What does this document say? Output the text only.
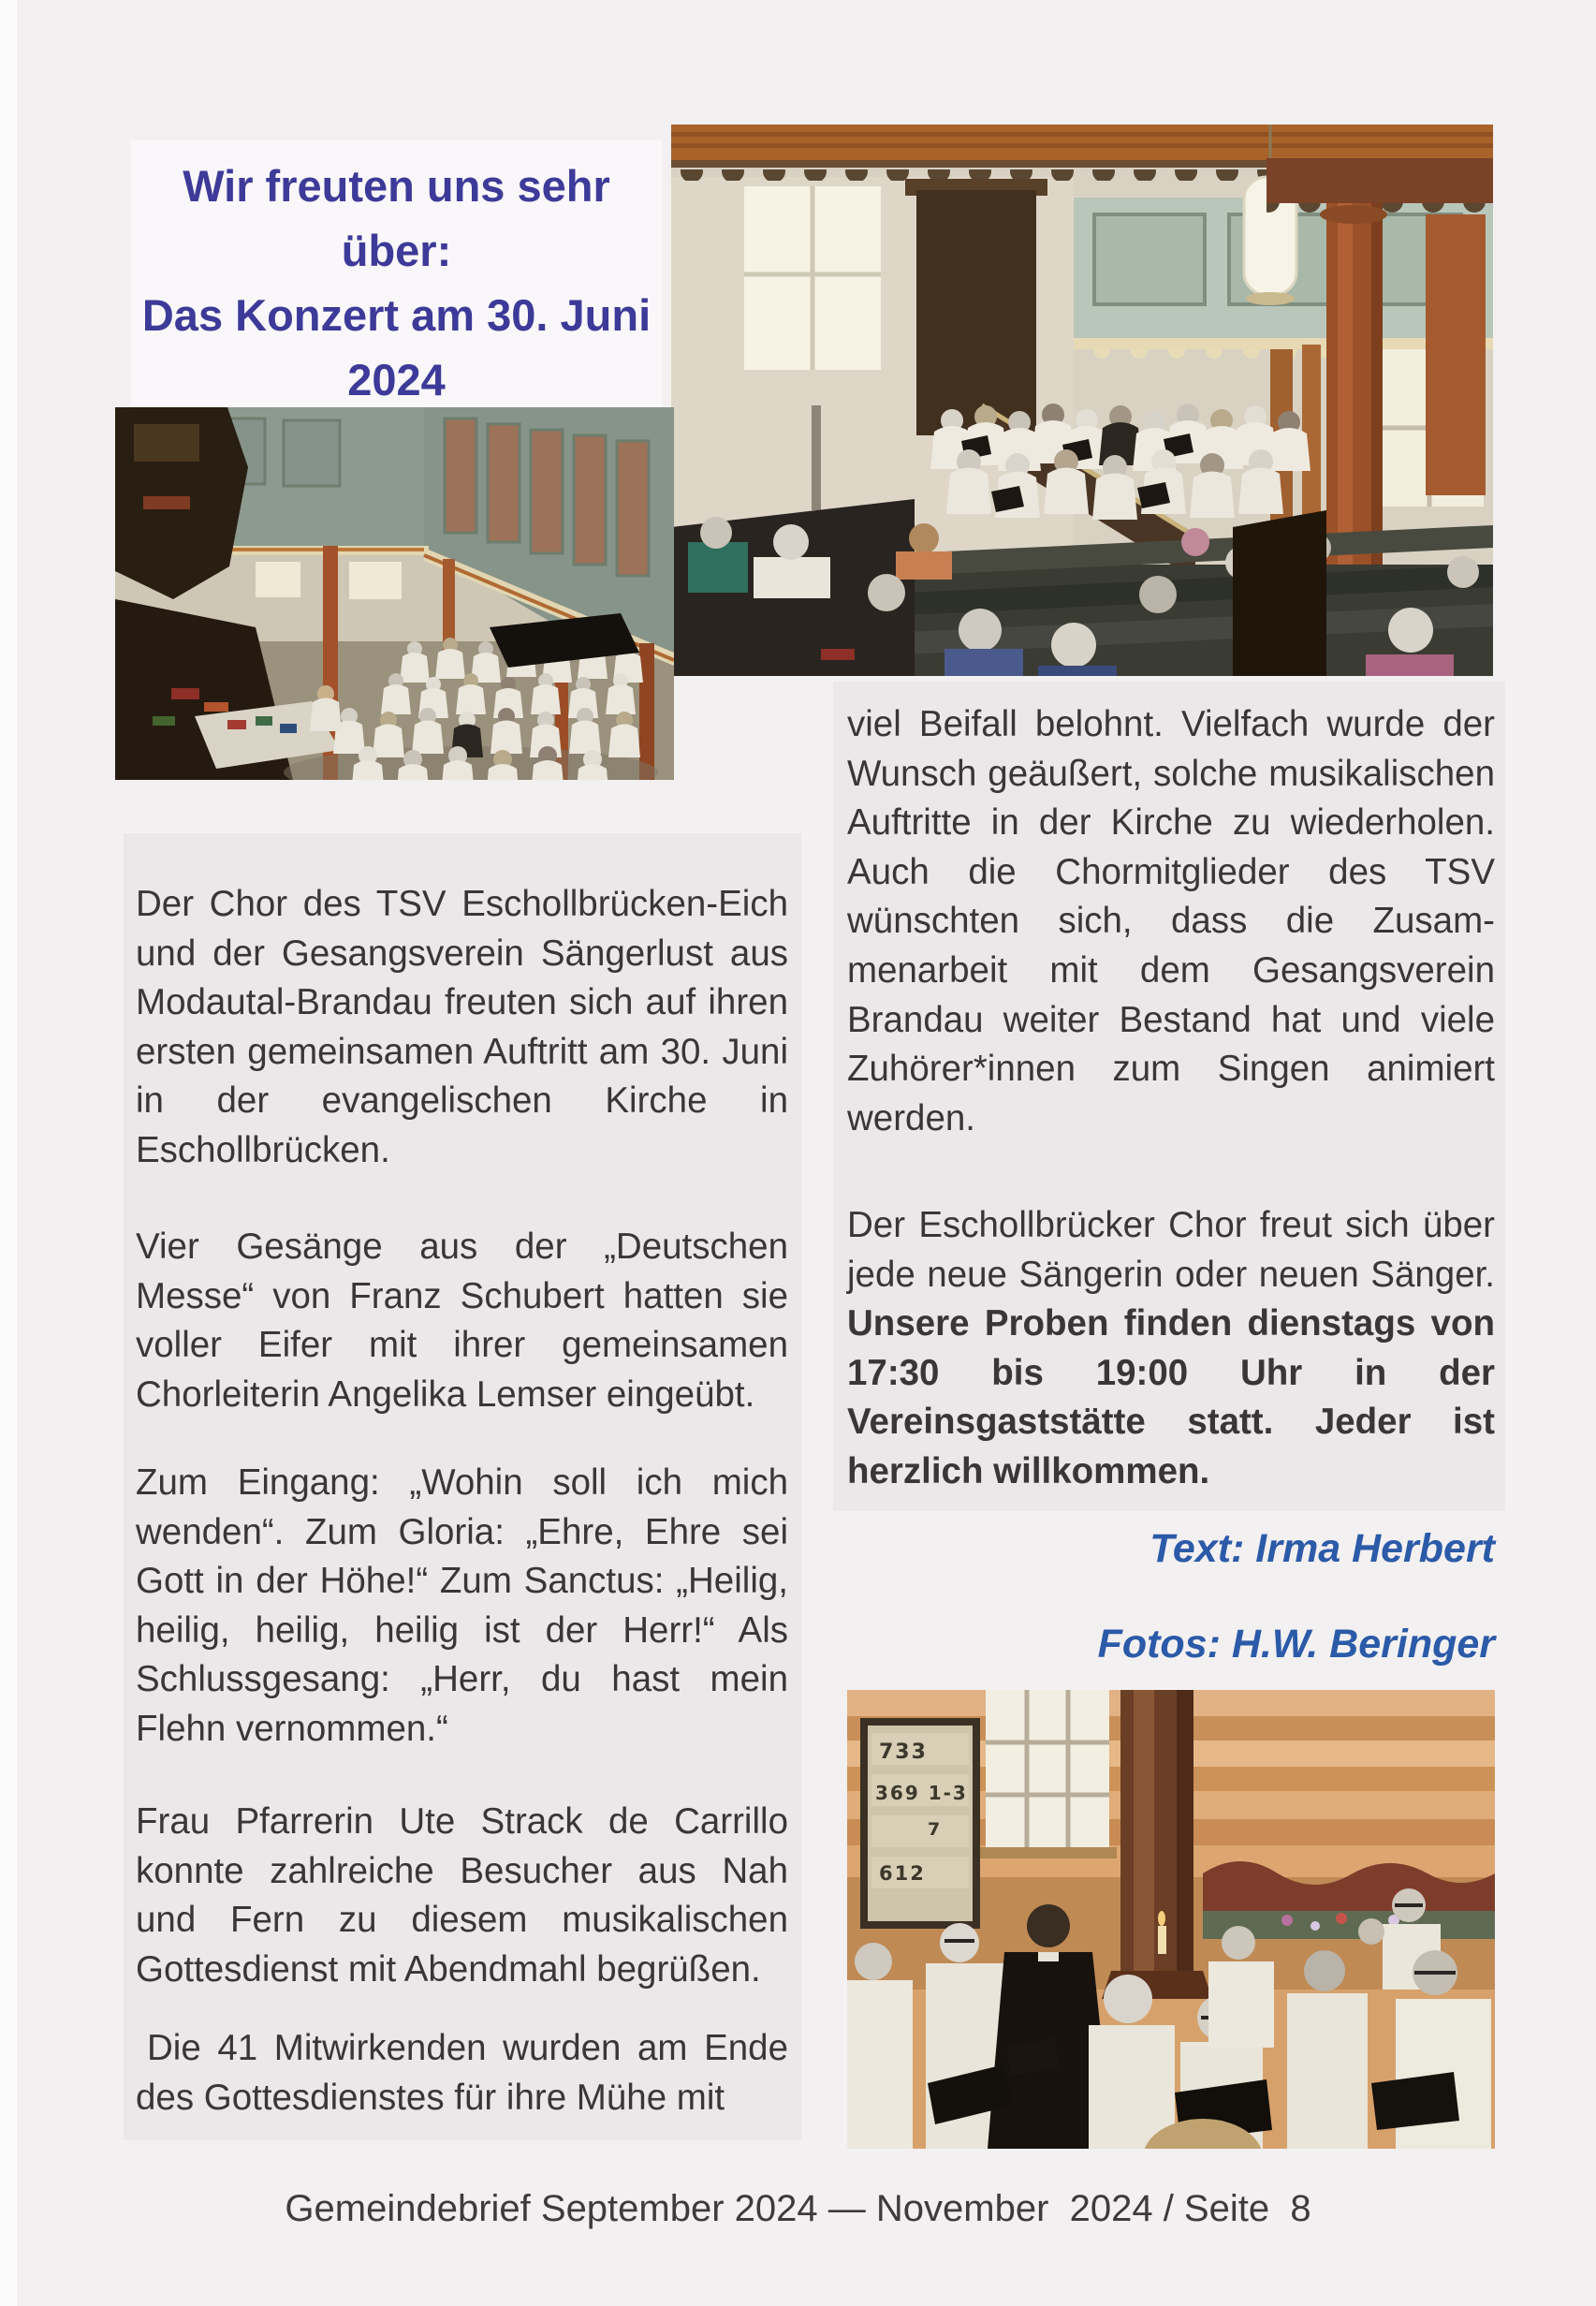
Wir freuten uns sehr über:
Das Konzert am 30. Juni
2024

Der Chor des TSV Eschollbrücken-Eich und der Gesangsverein Sängerlust aus Modautal-Brandau freuten sich auf ihren ersten gemeinsamen Auftritt am 30. Juni in der evangelischen Kirche in Eschollbrücken.

Vier Gesänge aus der „Deutschen Messe“ von Franz Schubert hatten sie voller Eifer mit ihrer gemeinsamen Chorleiterin Angelika Lemser eingeübt.

Zum Eingang: „Wohin soll ich mich wenden“. Zum Gloria: „Ehre, Ehre sei Gott in der Höhe!“ Zum Sanctus: „Heilig, heilig, heilig, heilig ist der Herr!“ Als Schlussgesang: „Herr, du hast mein Flehn vernommen.“

Frau Pfarrerin Ute Strack de Carrillo konnte zahlreiche Besucher aus Nah und Fern zu diesem musikalischen Gottesdienst mit Abendmahl begrüßen.

Die 41 Mitwirkenden wurden am Ende des Gottesdienstes für ihre Mühe mit

viel Beifall belohnt. Vielfach wurde der Wunsch geäußert, solche musikalischen Auftritte in der Kirche zu wiederholen. Auch die Chormitglieder des TSV wünschten sich, dass die Zusammenarbeit mit dem Gesangsverein Brandau weiter Bestand hat und viele Zuhörer*innen zum Singen animiert werden.

Der Eschollbrücker Chor freut sich über jede neue Sängerin oder neuen Sänger. Unsere Proben finden dienstags von 17:30 bis 19:00 Uhr in der Vereinsgaststätte statt. Jeder ist herzlich willkommen.

Text: Irma Herbert
Fotos: H.W. Beringer
733
369 1-3
7
612
Gemeindebrief September 2024 — November  2024 / Seite  8
